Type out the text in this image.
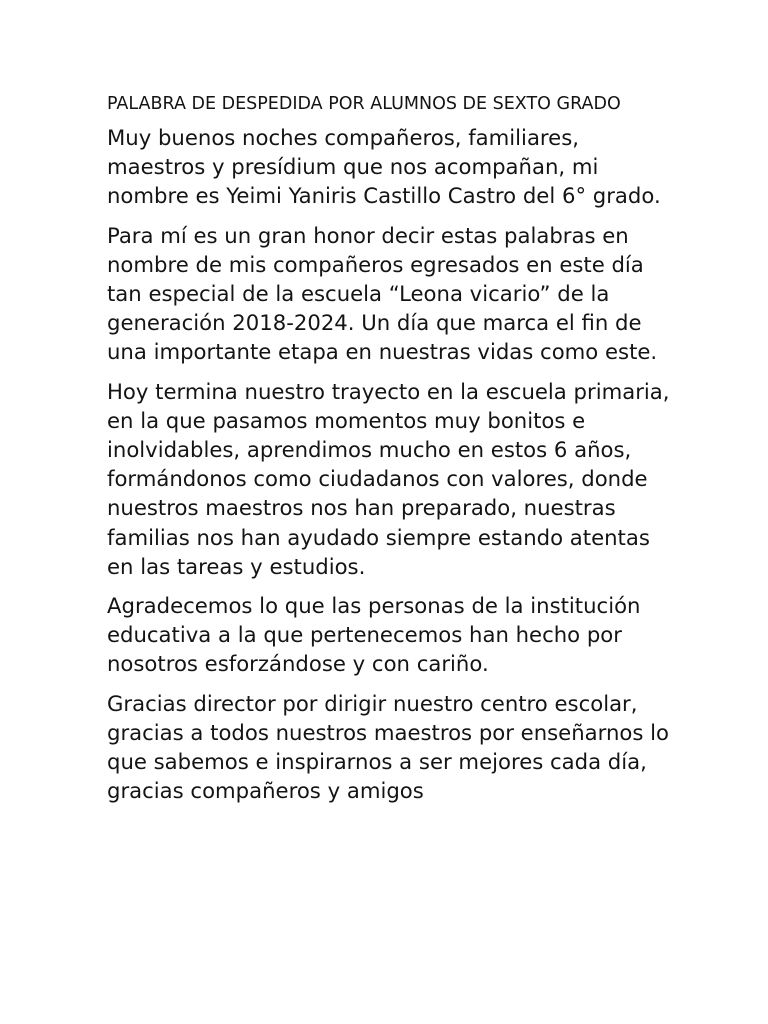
PALABRA DE DESPEDIDA POR ALUMNOS DE SEXTO GRADO

Muy buenos noches compañeros, familiares, maestros y presídium que nos acompañan, mi nombre es Yeimi Yaniris Castillo Castro del 6° grado.

Para mí es un gran honor decir estas palabras en nombre de mis compañeros egresados en este día tan especial de la escuela “Leona vicario” de la generación 2018-2024. Un día que marca el fin de una importante etapa en nuestras vidas como este.

Hoy termina nuestro trayecto en la escuela primaria, en la que pasamos momentos muy bonitos e inolvidables, aprendimos mucho en estos 6 años, formándonos como ciudadanos con valores, donde nuestros maestros nos han preparado, nuestras familias nos han ayudado siempre estando atentas en las tareas y estudios.

Agradecemos lo que las personas de la institución educativa a la que pertenecemos han hecho por nosotros esforzándose y con cariño.

Gracias director por dirigir nuestro centro escolar, gracias a todos nuestros maestros por enseñarnos lo que sabemos e inspirarnos a ser mejores cada día, gracias compañeros y amigos
